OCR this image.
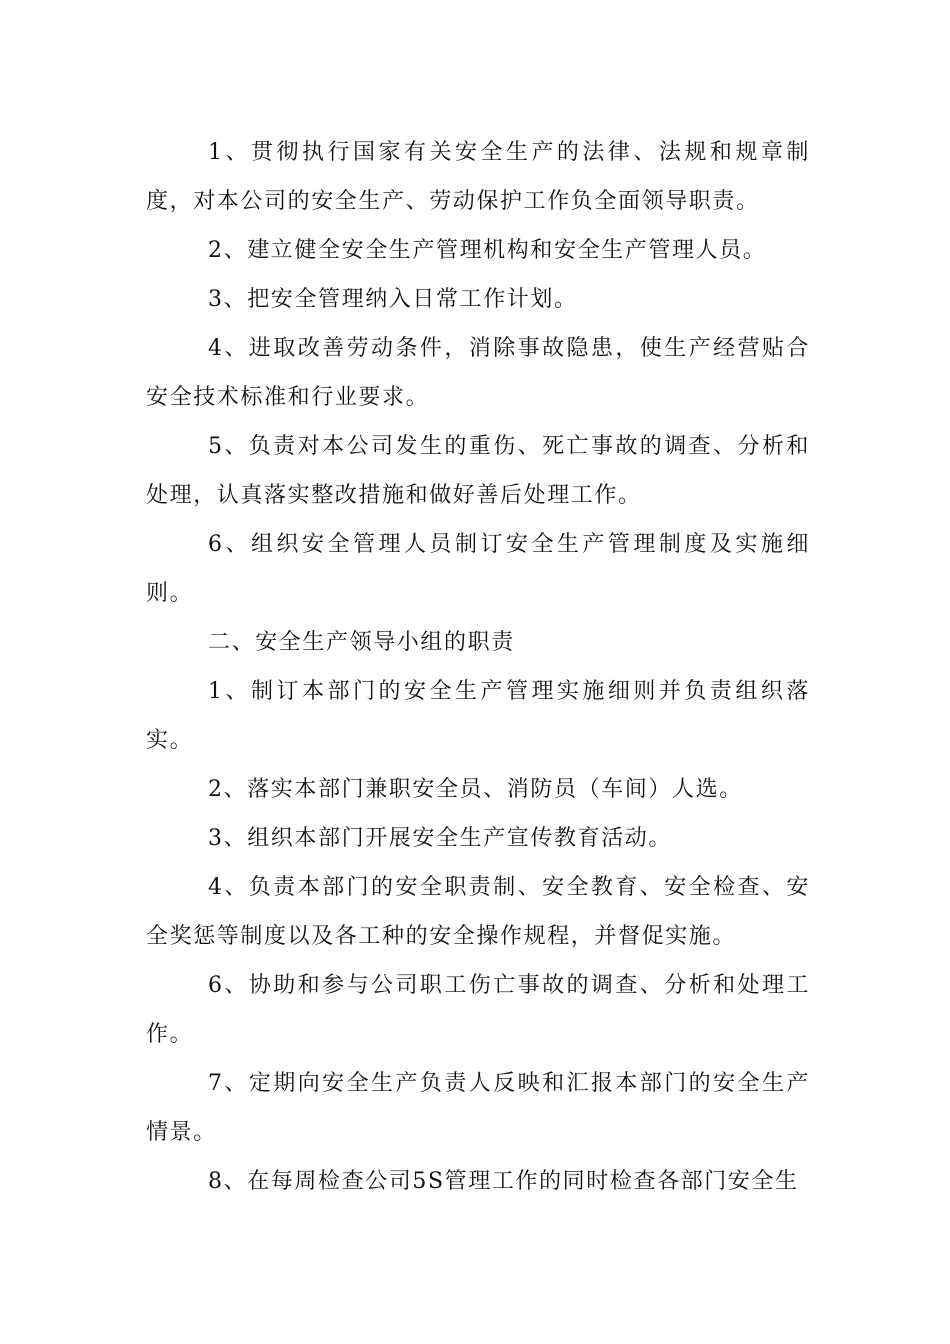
1、贯彻执行国家有关安全生产的法律、法规和规章制度，对本公司的安全生产、劳动保护工作负全面领导职责。

2、建立健全安全生产管理机构和安全生产管理人员。

3、把安全管理纳入日常工作计划。

4、进取改善劳动条件，消除事故隐患，使生产经营贴合安全技术标准和行业要求。

5、负责对本公司发生的重伤、死亡事故的调查、分析和处理，认真落实整改措施和做好善后处理工作。

6、组织安全管理人员制订安全生产管理制度及实施细则。

二、安全生产领导小组的职责

1、制订本部门的安全生产管理实施细则并负责组织落实。

2、落实本部门兼职安全员、消防员（车间）人选。

3、组织本部门开展安全生产宣传教育活动。

4、负责本部门的安全职责制、安全教育、安全检查、安全奖惩等制度以及各工种的安全操作规程，并督促实施。

6、协助和参与公司职工伤亡事故的调查、分析和处理工作。

7、定期向安全生产负责人反映和汇报本部门的安全生产情景。

8、在每周检查公司5S管理工作的同时检查各部门安全生
